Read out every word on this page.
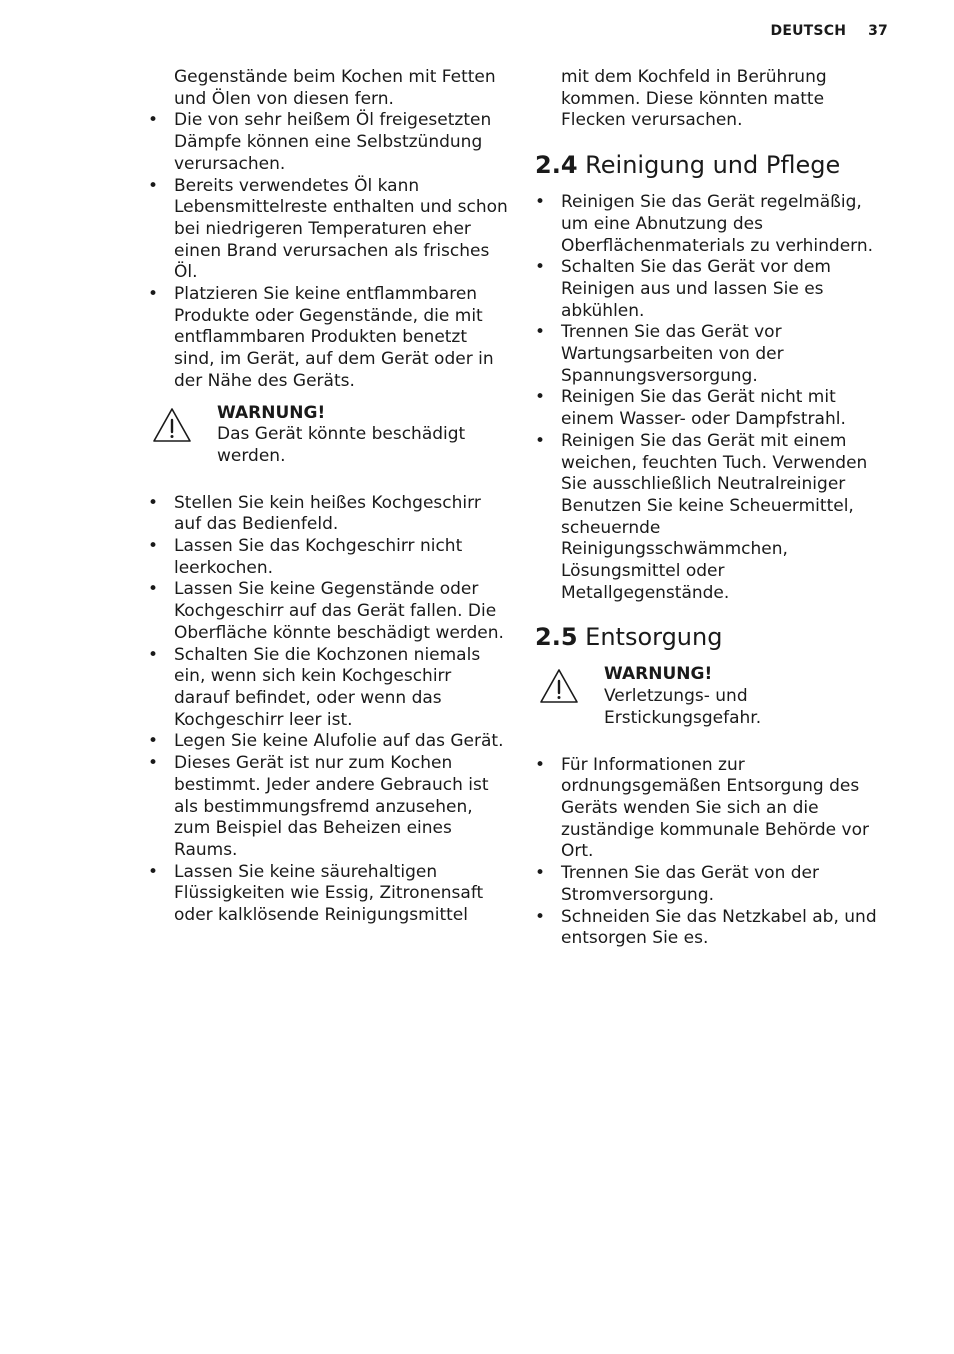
DEUTSCH 37
Gegenstände beim Kochen mit Fetten und Ölen von diesen fern.
• Die von sehr heißem Öl freigesetzten Dämpfe können eine Selbstzündung verursachen.
• Bereits verwendetes Öl kann Lebensmittelreste enthalten und schon bei niedrigeren Temperaturen eher einen Brand verursachen als frisches Öl.
• Platzieren Sie keine entflammbaren Produkte oder Gegenstände, die mit entflammbaren Produkten benetzt sind, im Gerät, auf dem Gerät oder in der Nähe des Geräts.
WARNUNG!
Das Gerät könnte beschädigt werden.
• Stellen Sie kein heißes Kochgeschirr auf das Bedienfeld.
• Lassen Sie das Kochgeschirr nicht leerkochen.
• Lassen Sie keine Gegenstände oder Kochgeschirr auf das Gerät fallen. Die Oberfläche könnte beschädigt werden.
• Schalten Sie die Kochzonen niemals ein, wenn sich kein Kochgeschirr darauf befindet, oder wenn das Kochgeschirr leer ist.
• Legen Sie keine Alufolie auf das Gerät.
• Dieses Gerät ist nur zum Kochen bestimmt. Jeder andere Gebrauch ist als bestimmungsfremd anzusehen, zum Beispiel das Beheizen eines Raums.
• Lassen Sie keine säurehaltigen Flüssigkeiten wie Essig, Zitronensaft oder kalklösende Reinigungsmittel
mit dem Kochfeld in Berührung kommen. Diese könnten matte Flecken verursachen.
2.4 Reinigung und Pflege
• Reinigen Sie das Gerät regelmäßig, um eine Abnutzung des Oberflächenmaterials zu verhindern.
• Schalten Sie das Gerät vor dem Reinigen aus und lassen Sie es abkühlen.
• Trennen Sie das Gerät vor Wartungsarbeiten von der Spannungsversorgung.
• Reinigen Sie das Gerät nicht mit einem Wasser- oder Dampfstrahl.
• Reinigen Sie das Gerät mit einem weichen, feuchten Tuch. Verwenden Sie ausschließlich Neutralreiniger Benutzen Sie keine Scheuermittel, scheuernde Reinigungsschwämmchen, Lösungsmittel oder Metallgegenstände.
2.5 Entsorgung
WARNUNG!
Verletzungs- und Erstickungsgefahr.
• Für Informationen zur ordnungsgemäßen Entsorgung des Geräts wenden Sie sich an die zuständige kommunale Behörde vor Ort.
• Trennen Sie das Gerät von der Stromversorgung.
• Schneiden Sie das Netzkabel ab, und entsorgen Sie es.
